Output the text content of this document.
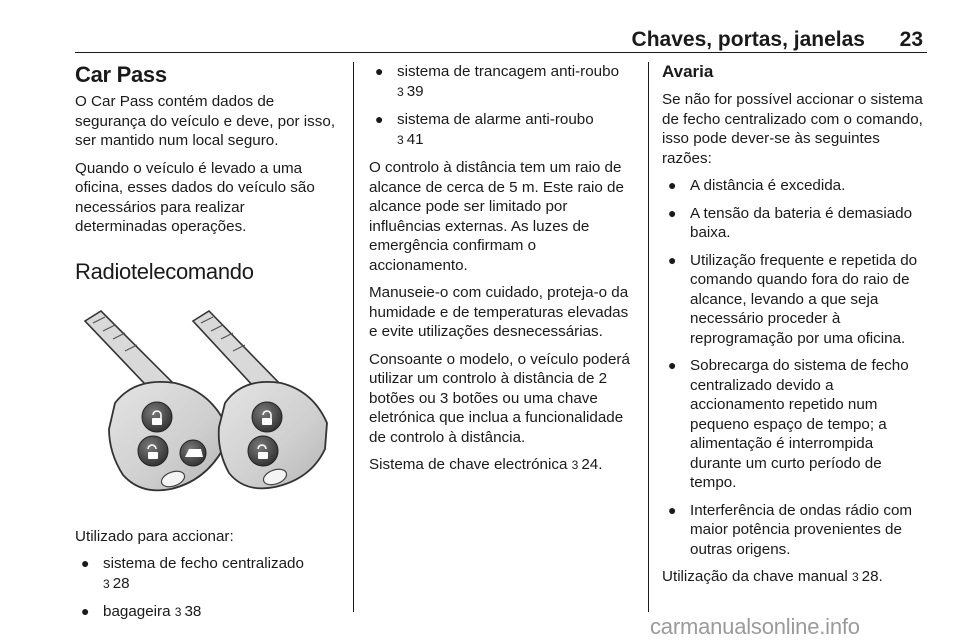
Chaves, portas, janelas 23
Car Pass

O Car Pass contém dados de segurança do veículo e deve, por isso, ser mantido num local seguro.

Quando o veículo é levado a uma oficina, esses dados do veículo são necessários para realizar determinadas operações.

Radiotelecomando

Utilizado para accionar:

● sistema de fecho centralizado
3 28
● bagageira 3 38
● sistema de trancagem anti-roubo
3 39
● sistema de alarme anti-roubo
3 41

O controlo à distância tem um raio de alcance de cerca de 5 m. Este raio de alcance pode ser limitado por influências externas. As luzes de emergência confirmam o accionamento.

Manuseie-o com cuidado, proteja-o da humidade e de temperaturas elevadas e evite utilizações desnecessárias.

Consoante o modelo, o veículo poderá utilizar um controlo à distância de 2 botões ou 3 botões ou uma chave eletrónica que inclua a funcionalidade de controlo à distância.

Sistema de chave electrónica 3 24.

Avaria

Se não for possível accionar o sistema de fecho centralizado com o comando, isso pode dever-se às seguintes razões:

● A distância é excedida.
● A tensão da bateria é demasiado baixa.
● Utilização frequente e repetida do comando quando fora do raio de alcance, levando a que seja necessário proceder à reprogramação por uma oficina.
● Sobrecarga do sistema de fecho centralizado devido a accionamento repetido num pequeno espaço de tempo; a alimentação é interrompida durante um curto período de tempo.
● Interferência de ondas rádio com maior potência provenientes de outras origens.

Utilização da chave manual 3 28.

carmanualsonline.info
